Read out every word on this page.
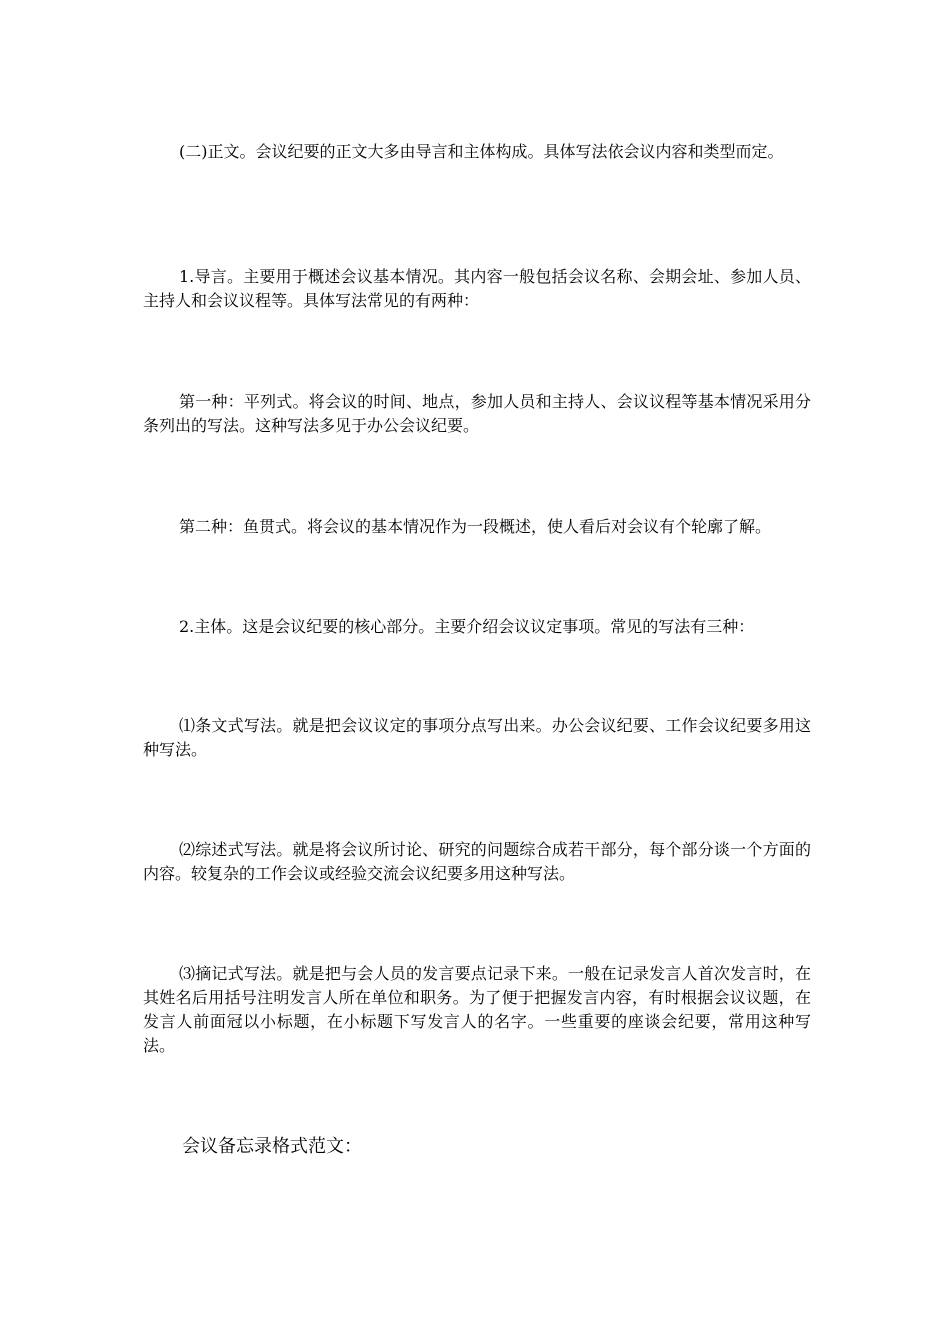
(二)正文。会议纪要的正文大多由导言和主体构成。具体写法依会议内容和类型而定。

1.导言。主要用于概述会议基本情况。其内容一般包括会议名称、会期会址、参加人员、主持人和会议议程等。具体写法常见的有两种：

第一种：平列式。将会议的时间、地点，参加人员和主持人、会议议程等基本情况采用分条列出的写法。这种写法多见于办公会议纪要。

第二种：鱼贯式。将会议的基本情况作为一段概述，使人看后对会议有个轮廓了解。

2.主体。这是会议纪要的核心部分。主要介绍会议议定事项。常见的写法有三种：

⑴条文式写法。就是把会议议定的事项分点写出来。办公会议纪要、工作会议纪要多用这种写法。

⑵综述式写法。就是将会议所讨论、研究的问题综合成若干部分，每个部分谈一个方面的内容。较复杂的工作会议或经验交流会议纪要多用这种写法。

⑶摘记式写法。就是把与会人员的发言要点记录下来。一般在记录发言人首次发言时，在其姓名后用括号注明发言人所在单位和职务。为了便于把握发言内容，有时根据会议议题，在发言人前面冠以小标题，在小标题下写发言人的名字。一些重要的座谈会纪要，常用这种写法。

会议备忘录格式范文：
